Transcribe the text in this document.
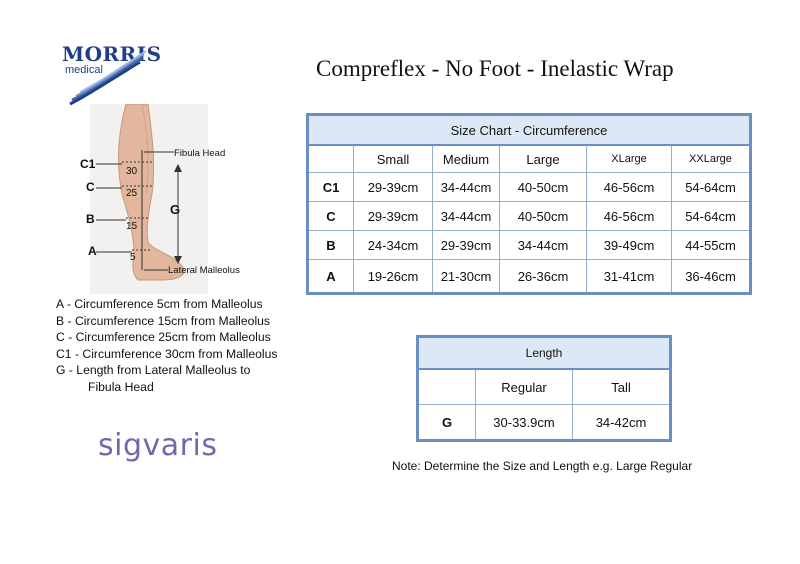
MORRIS
medical	Compreflex - No Foot - Inelastic Wrap
C1
C
B
A
G
30
25
15
5
Fibula Head
Lateral Malleolus
A - Circumference 5cm from Malleolus
B - Circumference 15cm from Malleolus
C - Circumference 25cm from Malleolus
C1 - Circumference 30cm from Malleolus
G - Length from Lateral Malleolus to
Fibula Head
sigvaris
Size Chart - Circumference					
	Small	Medium	Large	XLarge	XXLarge
C1	29-39cm	34-44cm	40-50cm	46-56cm	54-64cm
C	29-39cm	34-44cm	40-50cm	46-56cm	54-64cm
B	24-34cm	29-39cm	34-44cm	39-49cm	44-55cm
A	19-26cm	21-30cm	26-36cm	31-41cm	36-46cm
Length		
	Regular	Tall
G	30-33.9cm	34-42cm
Note: Determine the Size and Length e.g. Large Regular
